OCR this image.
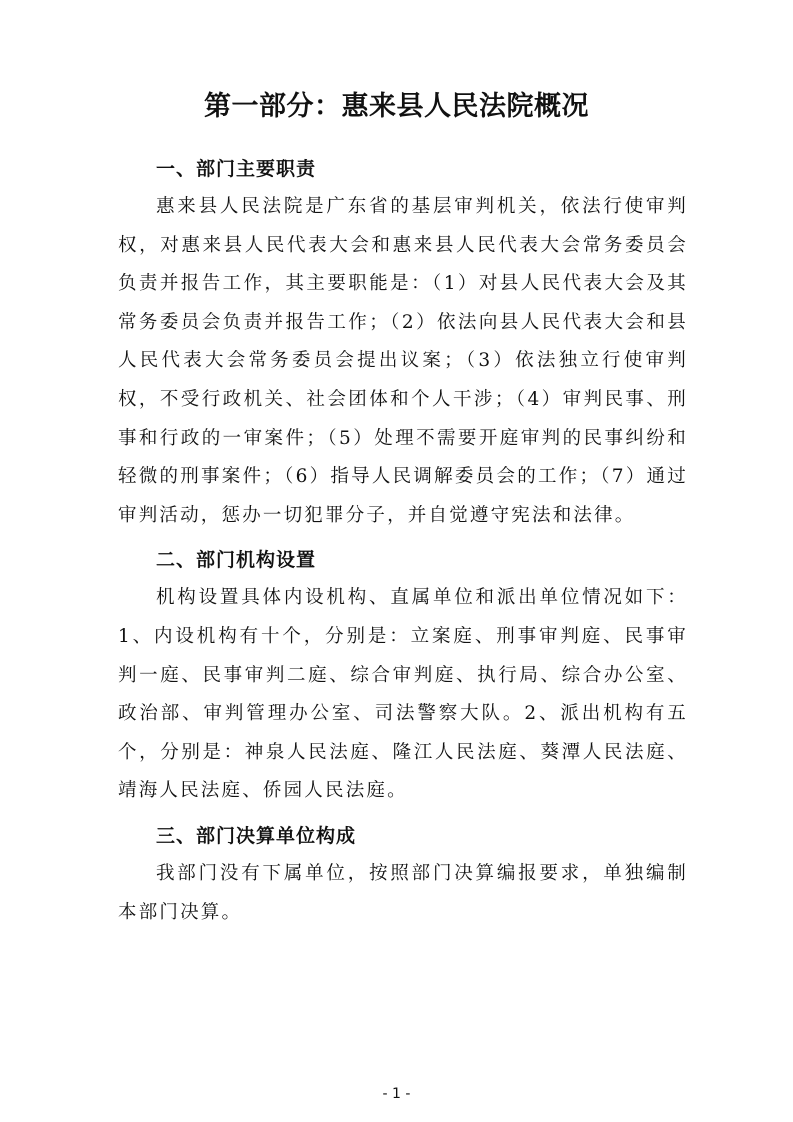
第一部分：惠来县人民法院概况
一、部门主要职责

惠来县人民法院是广东省的基层审判机关，依法行使审判权，对惠来县人民代表大会和惠来县人民代表大会常务委员会负责并报告工作，其主要职能是：（1）对县人民代表大会及其常务委员会负责并报告工作；（2）依法向县人民代表大会和县人民代表大会常务委员会提出议案；（3）依法独立行使审判权，不受行政机关、社会团体和个人干涉；（4）审判民事、刑事和行政的一审案件；（5）处理不需要开庭审判的民事纠纷和轻微的刑事案件；（6）指导人民调解委员会的工作；（7）通过审判活动，惩办一切犯罪分子，并自觉遵守宪法和法律。

二、部门机构设置

机构设置具体内设机构、直属单位和派出单位情况如下：1、内设机构有十个，分别是：立案庭、刑事审判庭、民事审判一庭、民事审判二庭、综合审判庭、执行局、综合办公室、政治部、审判管理办公室、司法警察大队。2、派出机构有五个，分别是：神泉人民法庭、隆江人民法庭、葵潭人民法庭、靖海人民法庭、侨园人民法庭。

三、部门决算单位构成

我部门没有下属单位，按照部门决算编报要求，单独编制本部门决算。

- 1 -
